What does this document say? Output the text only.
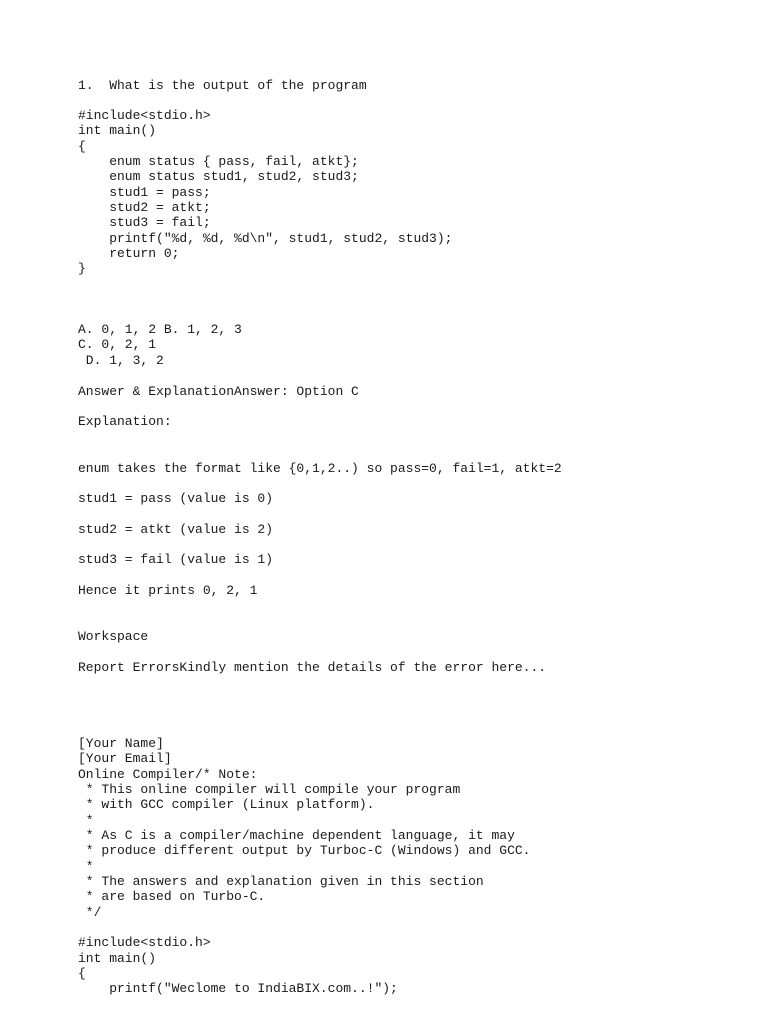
1.  What is the output of the program
#include<stdio.h>
int main()
{
enum status { pass, fail, atkt};
enum status stud1, stud2, stud3;
stud1 = pass;
stud2 = atkt;
stud3 = fail;
printf("%d, %d, %d\n", stud1, stud2, stud3);
return 0;
}
A. 0, 1, 2 B. 1, 2, 3
C. 0, 2, 1
D. 1, 3, 2
Answer & ExplanationAnswer: Option C
Explanation:
enum takes the format like {0,1,2..) so pass=0, fail=1, atkt=2
stud1 = pass (value is 0)
stud2 = atkt (value is 2)
stud3 = fail (value is 1)
Hence it prints 0, 2, 1
Workspace
Report ErrorsKindly mention the details of the error here...
[Your Name]
[Your Email]
Online Compiler/* Note:
* This online compiler will compile your program
* with GCC compiler (Linux platform).
*
* As C is a compiler/machine dependent language, it may
* produce different output by Turboc-C (Windows) and GCC.
*
* The answers and explanation given in this section
* are based on Turbo-C.
*/
#include<stdio.h>
int main()
{
printf("Weclome to IndiaBIX.com..!");
